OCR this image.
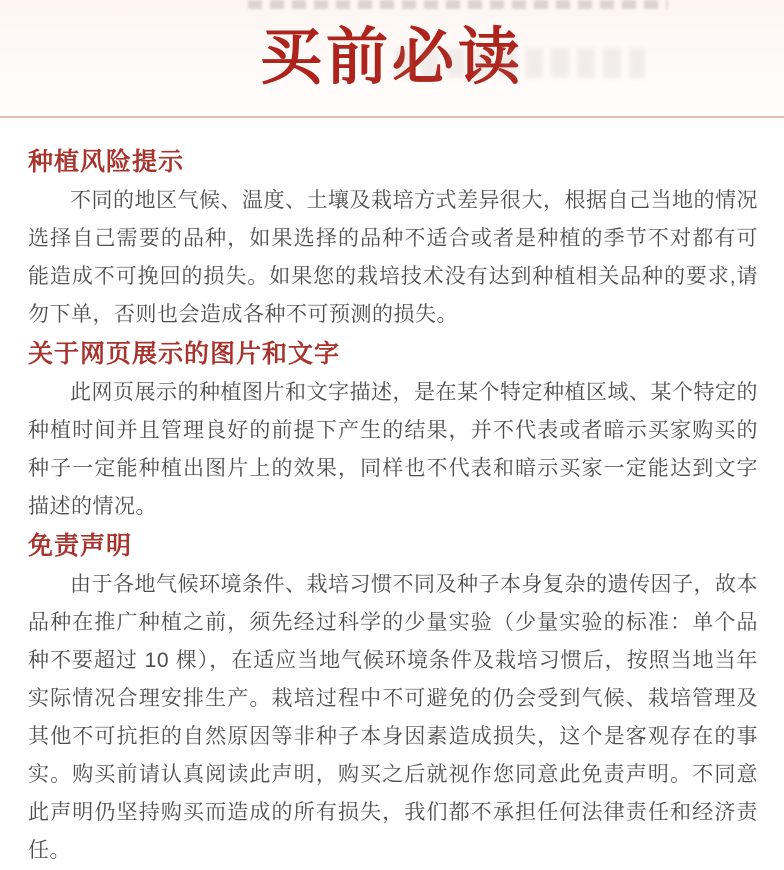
买前必读
种植风险提示

不同的地区气候、温度、土壤及栽培方式差异很大，根据自己当地的情况选择自己需要的品种，如果选择的品种不适合或者是种植的季节不对都有可能造成不可挽回的损失。如果您的栽培技术没有达到种植相关品种的要求,请勿下单，否则也会造成各种不可预测的损失。

关于网页展示的图片和文字

此网页展示的种植图片和文字描述，是在某个特定种植区域、某个特定的种植时间并且管理良好的前提下产生的结果，并不代表或者暗示买家购买的种子一定能种植出图片上的效果，同样也不代表和暗示买家一定能达到文字描述的情况。

免责声明

由于各地气候环境条件、栽培习惯不同及种子本身复杂的遗传因子，故本品种在推广种植之前，须先经过科学的少量实验（少量实验的标准：单个品种不要超过 10 棵），在适应当地气候环境条件及栽培习惯后，按照当地当年实际情况合理安排生产。栽培过程中不可避免的仍会受到气候、栽培管理及其他不可抗拒的自然原因等非种子本身因素造成损失，这个是客观存在的事实。购买前请认真阅读此声明，购买之后就视作您同意此免责声明。不同意此声明仍坚持购买而造成的所有损失，我们都不承担任何法律责任和经济责任。
